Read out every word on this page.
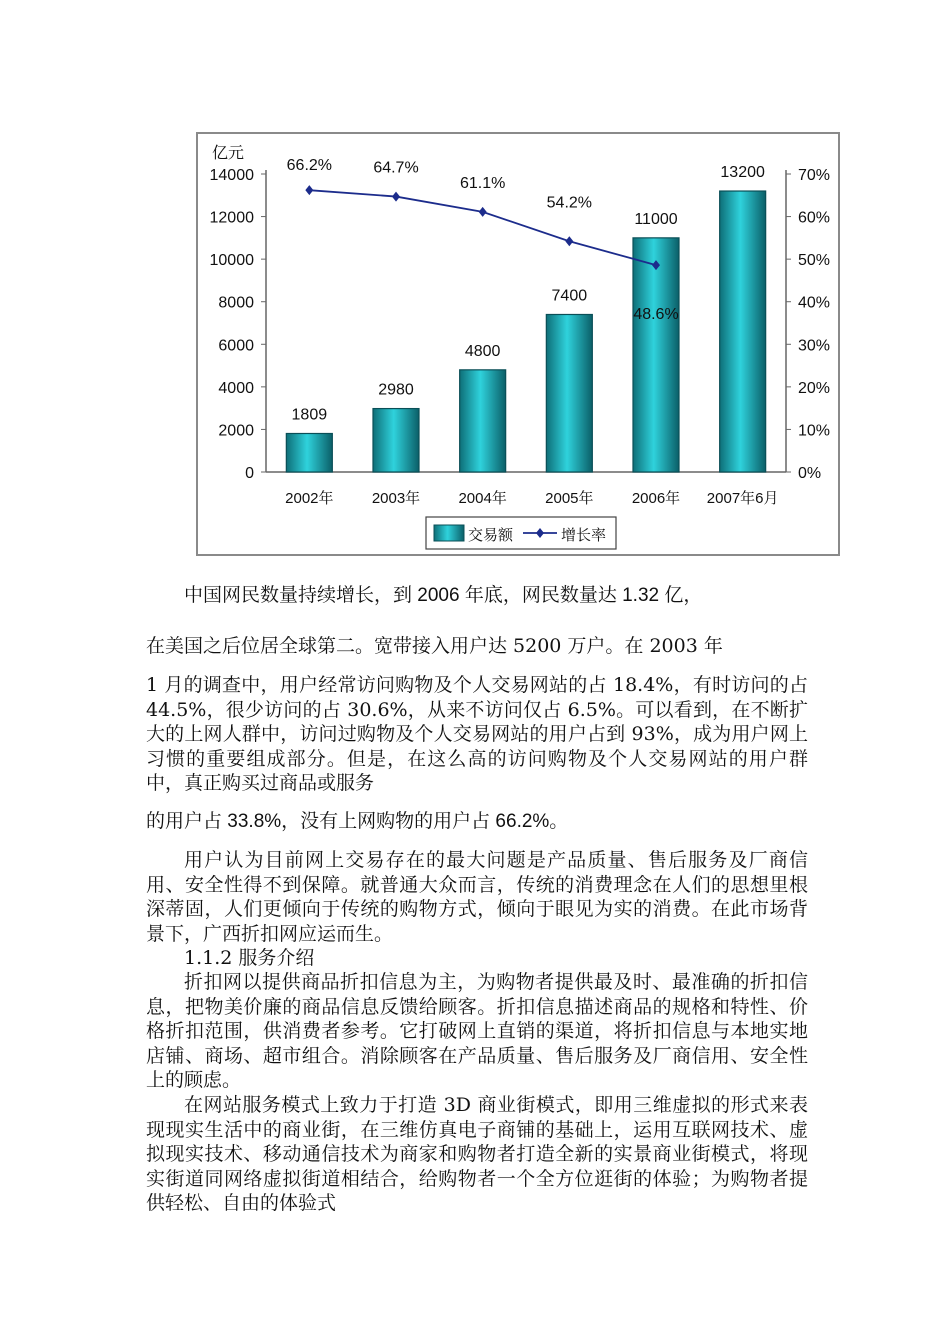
亿元
0
2000
4000
6000
8000
10000
12000
14000
0%
10%
20%
30%
40%
50%
60%
70%
1809
2980
4800
7400
11000
13200
66.2%	64.7%
61.1%
54.2%
48.6%
2002年	2003年	2004年	2005年	2006年 2007年6月
交易额	增长率

中国网民数量持续增长，到 2006 年底，网民数量达 1.32 亿，

在美国之后位居全球第二。宽带接入用户达 5200 万户。在 2003 年

1 月的调查中，用户经常访问购物及个人交易网站的占 18.4%，有时访问的占 44.5%，很少访问的占 30.6%，从来不访问仅占 6.5%。可以看到，在不断扩大的上网人群中，访问过购物及个人交易网站的用户占到 93%，成为用户网上习惯的重要组成部分。但是，在这么高的访问购物及个人交易网站的用户群中，真正购买过商品或服务

的用户占 33.8%，没有上网购物的用户占 66.2%。

用户认为目前网上交易存在的最大问题是产品质量、售后服务及厂商信用、安全性得不到保障。就普通大众而言，传统的消费理念在人们的思想里根深蒂固，人们更倾向于传统的购物方式，倾向于眼见为实的消费。在此市场背景下，广西折扣网应运而生。

1.1.2 服务介绍

折扣网以提供商品折扣信息为主，为购物者提供最及时、最准确的折扣信息，把物美价廉的商品信息反馈给顾客。折扣信息描述商品的规格和特性、价格折扣范围，供消费者参考。它打破网上直销的渠道，将折扣信息与本地实地店铺、商场、超市组合。消除顾客在产品质量、售后服务及厂商信用、安全性上的顾虑。

在网站服务模式上致力于打造 3D 商业街模式，即用三维虚拟的形式来表现现实生活中的商业街，在三维仿真电子商铺的基础上，运用互联网技术、虚拟现实技术、移动通信技术为商家和购物者打造全新的实景商业街模式，将现实街道同网络虚拟街道相结合，给购物者一个全方位逛街的体验；为购物者提供轻松、自由的体验式
